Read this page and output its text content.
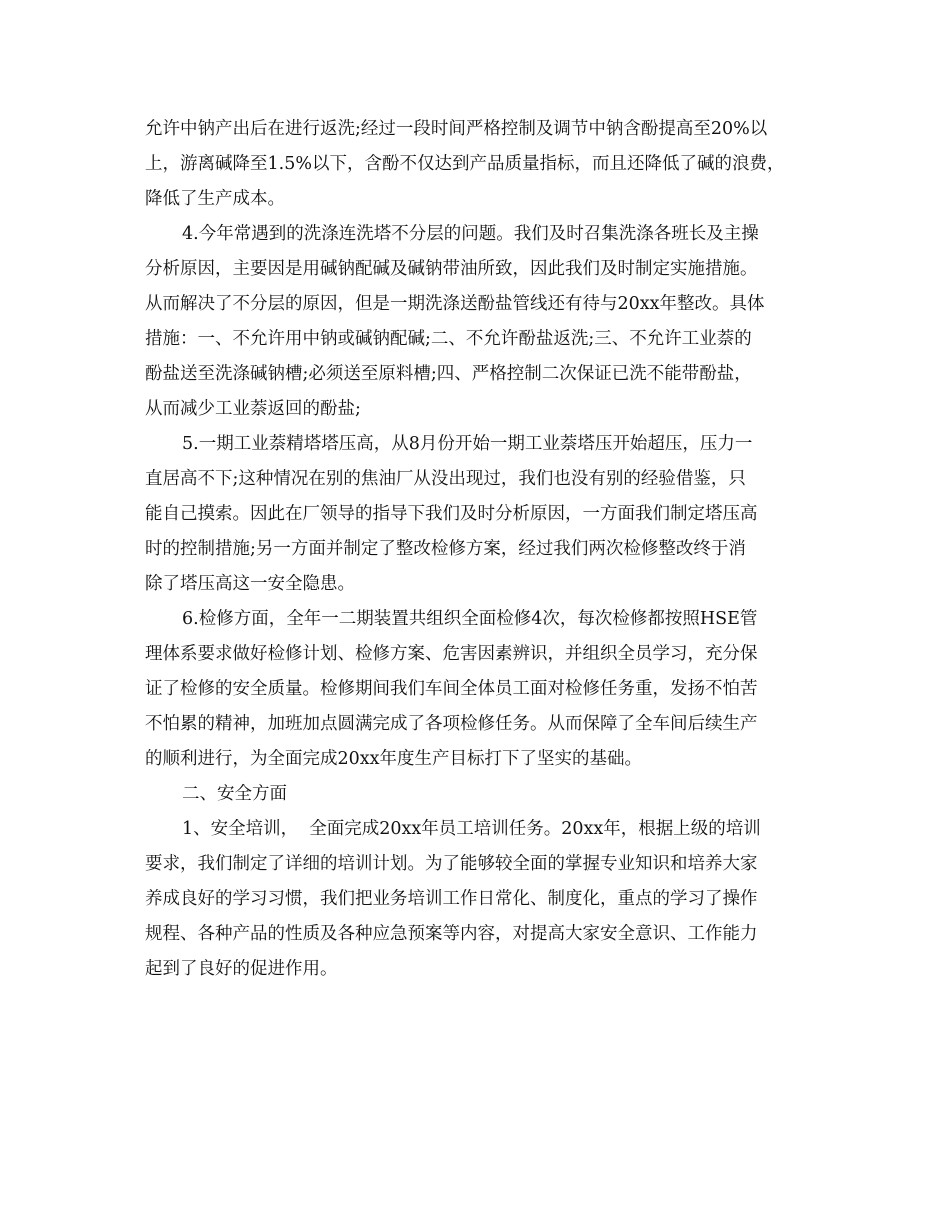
允许中钠产出后在进行返洗;经过一段时间严格控制及调节中钠含酚提高至20%以
上，游离碱降至1.5%以下，含酚不仅达到产品质量指标，而且还降低了碱的浪费，
降低了生产成本。
4.今年常遇到的洗涤连洗塔不分层的问题。我们及时召集洗涤各班长及主操
分析原因，主要因是用碱钠配碱及碱钠带油所致，因此我们及时制定实施措施。
从而解决了不分层的原因，但是一期洗涤送酚盐管线还有待与20xx年整改。具体
措施：一、不允许用中钠或碱钠配碱;二、不允许酚盐返洗;三、不允许工业萘的
酚盐送至洗涤碱钠槽;必须送至原料槽;四、严格控制二次保证已洗不能带酚盐，
从而减少工业萘返回的酚盐;
5.一期工业萘精塔塔压高，从8月份开始一期工业萘塔压开始超压，压力一
直居高不下;这种情况在别的焦油厂从没出现过，我们也没有别的经验借鉴，只
能自己摸索。因此在厂领导的指导下我们及时分析原因，一方面我们制定塔压高
时的控制措施;另一方面并制定了整改检修方案，经过我们两次检修整改终于消
除了塔压高这一安全隐患。
6.检修方面，全年一二期装置共组织全面检修4次，每次检修都按照HSE管
理体系要求做好检修计划、检修方案、危害因素辨识，并组织全员学习，充分保
证了检修的安全质量。检修期间我们车间全体员工面对检修任务重，发扬不怕苦
不怕累的精神，加班加点圆满完成了各项检修任务。从而保障了全车间后续生产
的顺利进行，为全面完成20xx年度生产目标打下了坚实的基础。
二、安全方面
1、安全培训，  全面完成20xx年员工培训任务。20xx年，根据上级的培训
要求，我们制定了详细的培训计划。为了能够较全面的掌握专业知识和培养大家
养成良好的学习习惯，我们把业务培训工作日常化、制度化，重点的学习了操作
规程、各种产品的性质及各种应急预案等内容，对提高大家安全意识、工作能力
起到了良好的促进作用。
